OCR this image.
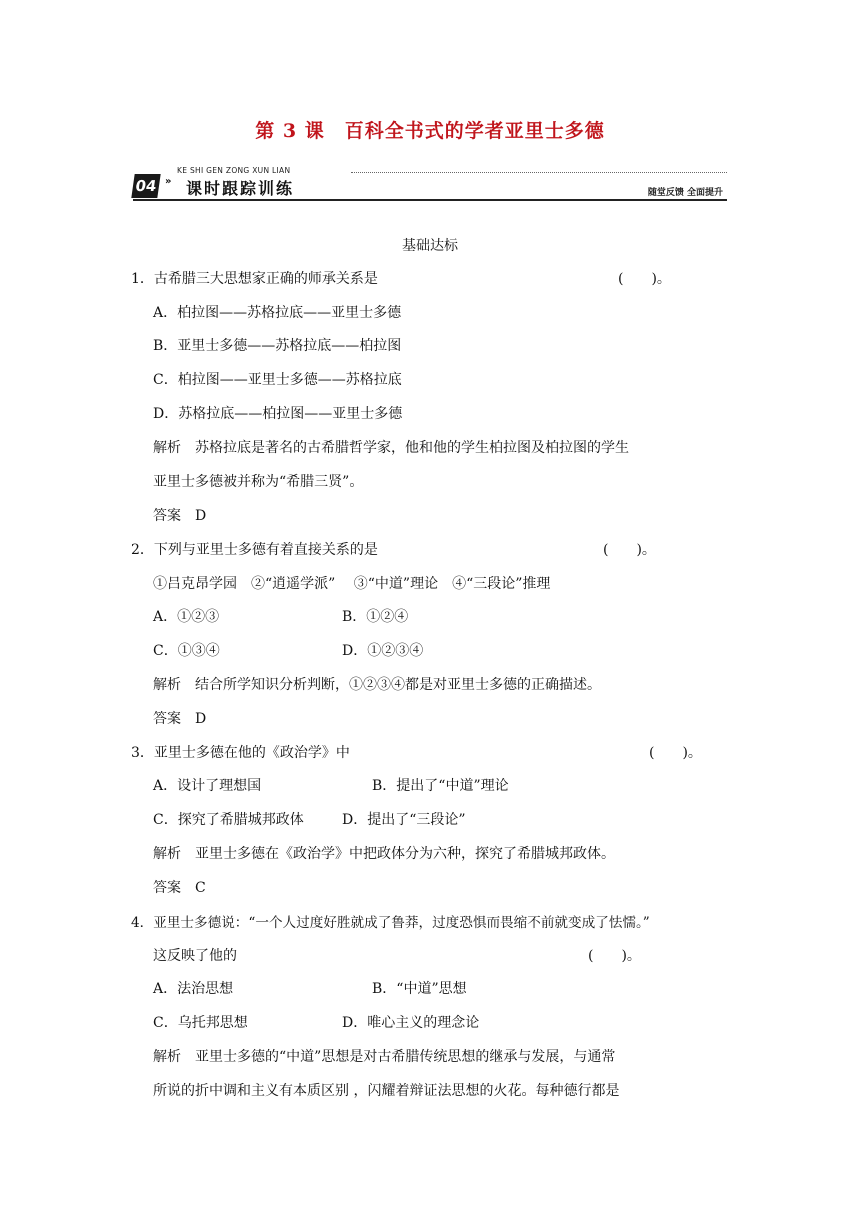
第 3 课　百科全书式的学者亚里士多德
KE SHI GEN ZONG XUN LIAN
04 » 课时跟踪训练	随堂反馈 全面提升
基础达标
1．古希腊三大思想家正确的师承关系是	(　　)。
A．柏拉图——苏格拉底——亚里士多德
B．亚里士多德——苏格拉底——柏拉图
C．柏拉图——亚里士多德——苏格拉底
D．苏格拉底——柏拉图——亚里士多德
解析　苏格拉底是著名的古希腊哲学家，他和他的学生柏拉图及柏拉图的学生
亚里士多德被并称为“希腊三贤”。
答案　D
2．下列与亚里士多德有着直接关系的是	(　　)。
①吕克昂学园　②“逍遥学派”　 ③“中道”理论　④“三段论”推理
A．①②③	B．①②④
C．①③④	D．①②③④
解析　结合所学知识分析判断，①②③④都是对亚里士多德的正确描述。
答案　D
3．亚里士多德在他的《政治学》中	(　　)。
A．设计了理想国	B．提出了“中道”理论
C．探究了希腊城邦政体	D．提出了“三段论”
解析　亚里士多德在《政治学》中把政体分为六种，探究了希腊城邦政体。
答案　C
4．亚里士多德说：“一个人过度好胜就成了鲁莽，过度恐惧而畏缩不前就变成了怯懦。”
这反映了他的	(　　)。
A．法治思想	B．“中道”思想
C．乌托邦思想	D．唯心主义的理念论
解析　亚里士多德的“中道”思想是对古希腊传统思想的继承与发展，与通常
所说的折中调和主义有本质区别 ，闪耀着辩证法思想的火花。每种德行都是
